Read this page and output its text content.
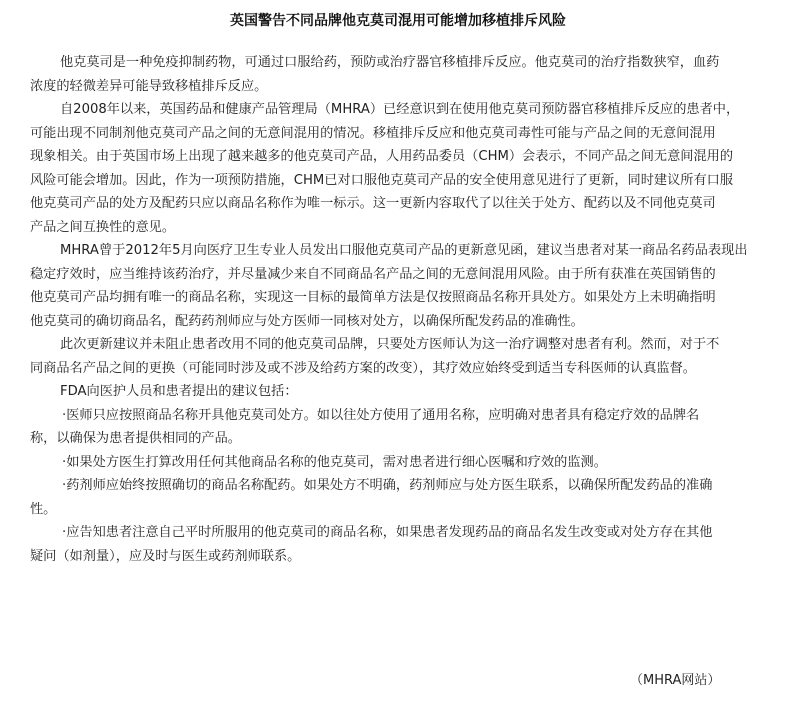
英国警告不同品牌他克莫司混用可能增加移植排斥风险
他克莫司是一种免疫抑制药物，可通过口服给药，预防或治疗器官移植排斥反应。他克莫司的治疗指数狭窄，血药
浓度的轻微差异可能导致移植排斥反应。
自2008年以来，英国药品和健康产品管理局（MHRA）已经意识到在使用他克莫司预防器官移植排斥反应的患者中，
可能出现不同制剂他克莫司产品之间的无意间混用的情况。移植排斥反应和他克莫司毒性可能与产品之间的无意间混用
现象相关。由于英国市场上出现了越来越多的他克莫司产品，人用药品委员（CHM）会表示，不同产品之间无意间混用的
风险可能会增加。因此，作为一项预防措施，CHM已对口服他克莫司产品的安全使用意见进行了更新，同时建议所有口服
他克莫司产品的处方及配药只应以商品名称作为唯一标示。这一更新内容取代了以往关于处方、配药以及不同他克莫司
产品之间互换性的意见。
MHRA曾于2012年5月向医疗卫生专业人员发出口服他克莫司产品的更新意见函，建议当患者对某一商品名药品表现出
稳定疗效时，应当维持该药治疗，并尽量减少来自不同商品名产品之间的无意间混用风险。由于所有获准在英国销售的
他克莫司产品均拥有唯一的商品名称，实现这一目标的最简单方法是仅按照商品名称开具处方。如果处方上未明确指明
他克莫司的确切商品名，配药药剂师应与处方医师一同核对处方，以确保所配发药品的准确性。
此次更新建议并未阻止患者改用不同的他克莫司品牌，只要处方医师认为这一治疗调整对患者有利。然而，对于不
同商品名产品之间的更换（可能同时涉及或不涉及给药方案的改变），其疗效应始终受到适当专科医师的认真监督。
FDA向医护人员和患者提出的建议包括：
·医师只应按照商品名称开具他克莫司处方。如以往处方使用了通用名称，应明确对患者具有稳定疗效的品牌名
称，以确保为患者提供相同的产品。
·如果处方医生打算改用任何其他商品名称的他克莫司，需对患者进行细心医嘱和疗效的监测。
·药剂师应始终按照确切的商品名称配药。如果处方不明确，药剂师应与处方医生联系，以确保所配发药品的准确
性。
·应告知患者注意自己平时所服用的他克莫司的商品名称，如果患者发现药品的商品名发生改变或对处方存在其他
疑问（如剂量），应及时与医生或药剂师联系。
（MHRA网站）
